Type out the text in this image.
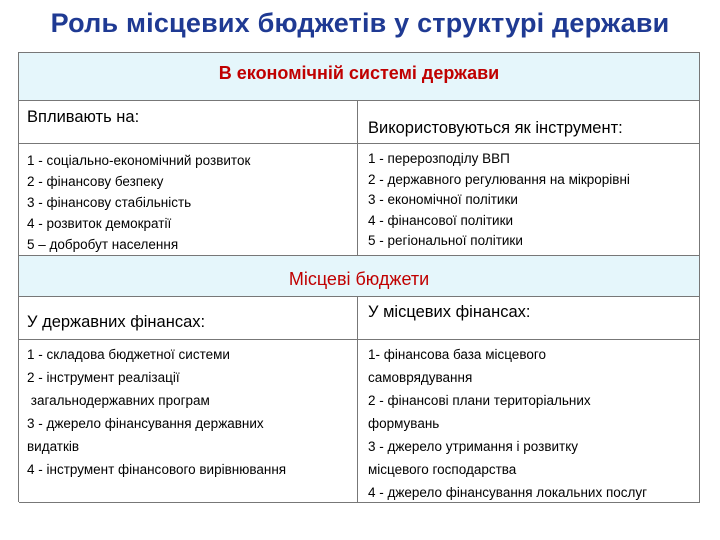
Роль місцевих бюджетів у структурі держави
В економічній системі держави
Впливають на:
Використовуються як інструмент:
1 - соціально-економічний розвиток
2 - фінансову безпеку
3 - фінансову стабільність
4 - розвиток демократії
5 – добробут населення
1 - перерозподілу ВВП
2 - державного регулювання на мікрорівні
3 - економічної політики
4 - фінансової політики
5 - регіональної політики
Місцеві бюджети
У державних фінансах:
У місцевих фінансах:
1 - складова бюджетної системи
2 - інструмент реалізації
загальнодержавних програм
3 - джерело фінансування державних
видатків
4 - інструмент фінансового вирівнювання
1- фінансова база місцевого
самоврядування
2 - фінансові плани територіальних
формувань
3 - джерело утримання і розвитку
місцевого господарства
4 - джерело фінансування локальних послуг
